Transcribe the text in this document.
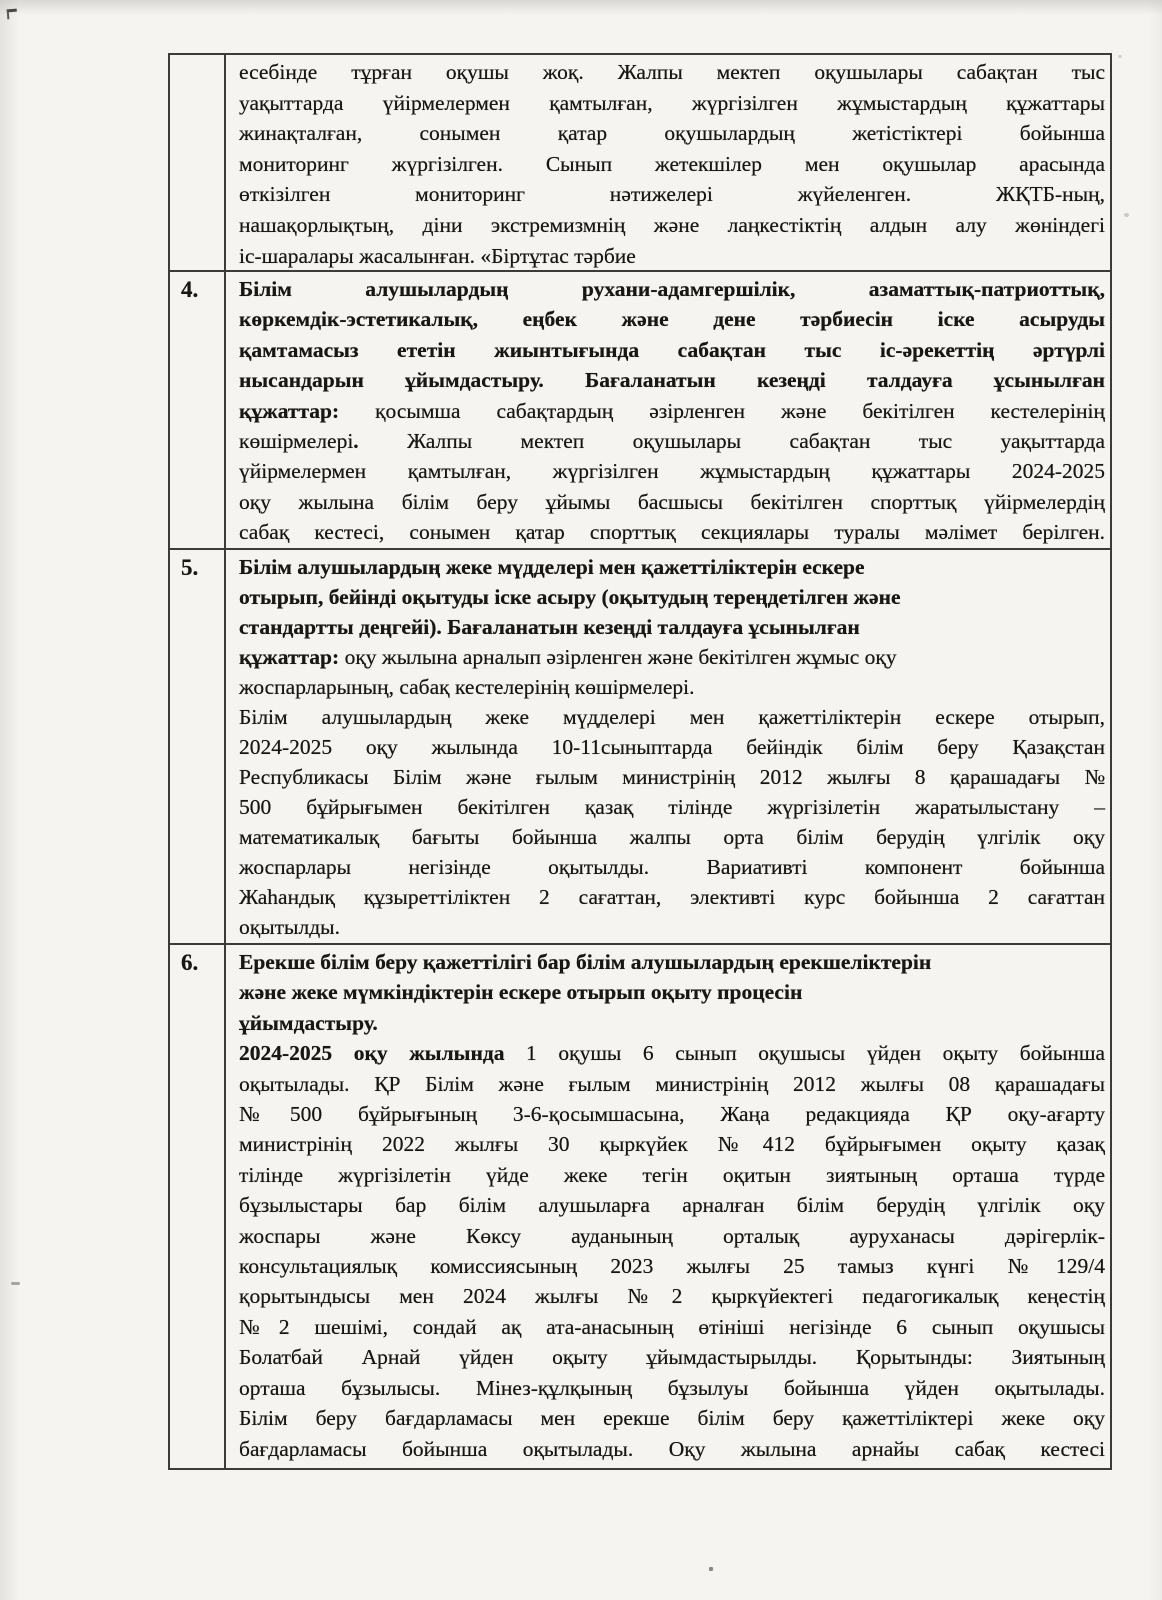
есебінде тұрған оқушы жоқ. Жалпы мектеп оқушылары сабақтан тыс
уақыттарда үйірмелермен қамтылған, жүргізілген жұмыстардың құжаттары
жинақталған, сонымен қатар оқушылардың жетістіктері бойынша
мониторинг жүргізілген. Сынып жетекшілер мен оқушылар арасында
өткізілген мониторинг нәтижелері жүйеленген. ЖҚТБ-ның,
нашақорлықтың, діни экстремизмнің және лаңкестіктің алдын алу жөніндегі
іс-шаралары жасалынған. «Біртұтас тәрбие
4.	Білім алушылардың рухани-адамгершілік, азаматтық-патриоттық,
көркемдік-эстетикалық, еңбек және дене тәрбиесін іске асыруды
қамтамасыз ететін жиынтығында сабақтан тыс іс-әрекеттің әртүрлі
нысандарын ұйымдастыру. Бағаланатын кезеңді талдауға ұсынылған
құжаттар: қосымша сабақтардың әзірленген және бекітілген кестелерінің
көшірмелері. Жалпы мектеп оқушылары сабақтан тыс уақыттарда
үйірмелермен қамтылған, жүргізілген жұмыстардың құжаттары 2024-2025
оқу жылына білім беру ұйымы басшысы бекітілген спорттық үйірмелердің
сабақ кестесі, сонымен қатар спорттық секциялары туралы мәлімет берілген.
5.	Білім алушылардың жеке мүдделері мен қажеттіліктерін ескере
отырып, бейінді оқытуды іске асыру (оқытудың тереңдетілген және
стандартты деңгейі). Бағаланатын кезеңді талдауға ұсынылған
құжаттар: оқу жылына арналып әзірленген және бекітілген жұмыс оқу
жоспарларының, сабақ кестелерінің көшірмелері.
Білім алушылардың жеке мүдделері мен қажеттіліктерін ескере отырып,
2024-2025 оқу жылында 10-11сыныптарда бейіндік білім беру Қазақстан
Республикасы Білім және ғылым министрінің 2012 жылғы 8 қарашадағы №
500 бұйрығымен бекітілген қазақ тілінде жүргізілетін жаратылыстану –
математикалық бағыты бойынша жалпы орта білім берудің үлгілік оқу
жоспарлары негізінде оқытылды. Вариативті компонент бойынша
Жаһандық құзыреттіліктен 2 сағаттан, элективті курс бойынша 2 сағаттан
оқытылды.
6.	Ерекше білім беру қажеттілігі бар білім алушылардың ерекшеліктерін
және жеке мүмкіндіктерін ескере отырып оқыту процесін
ұйымдастыру.
2024-2025 оқу жылында 1 оқушы 6 сынып оқушысы үйден оқыту бойынша
оқытылады. ҚР Білім және ғылым министрінің 2012 жылғы 08 қарашадағы
№500 бұйрығының 3-6-қосымшасына, Жаңа редакцияда ҚР оқу-ағарту
министрінің 2022 жылғы 30 қыркүйек №412 бұйрығымен оқыту қазақ
тілінде жүргізілетін үйде жеке тегін оқитын зиятының орташа түрде
бұзылыстары бар білім алушыларға арналған білім берудің үлгілік оқу
жоспары және Көксу ауданының орталық ауруханасы дәрігерлік-
консультациялық комиссиясының 2023 жылғы 25 тамыз күнгі №129/4
қорытындысы мен 2024 жылғы №2 қыркүйектегі педагогикалық кеңестің
№2 шешімі, сондай ақ ата-анасының өтініші негізінде 6 сынып оқушысы
Болатбай Арнай үйден оқыту ұйымдастырылды. Қорытынды: Зиятының
орташа бұзылысы. Мінез-құлқының бұзылуы бойынша үйден оқытылады.
Білім беру бағдарламасы мен ерекше білім беру қажеттіліктері жеке оқу
бағдарламасы бойынша оқытылады. Оқу жылына арнайы сабақ кестесі
